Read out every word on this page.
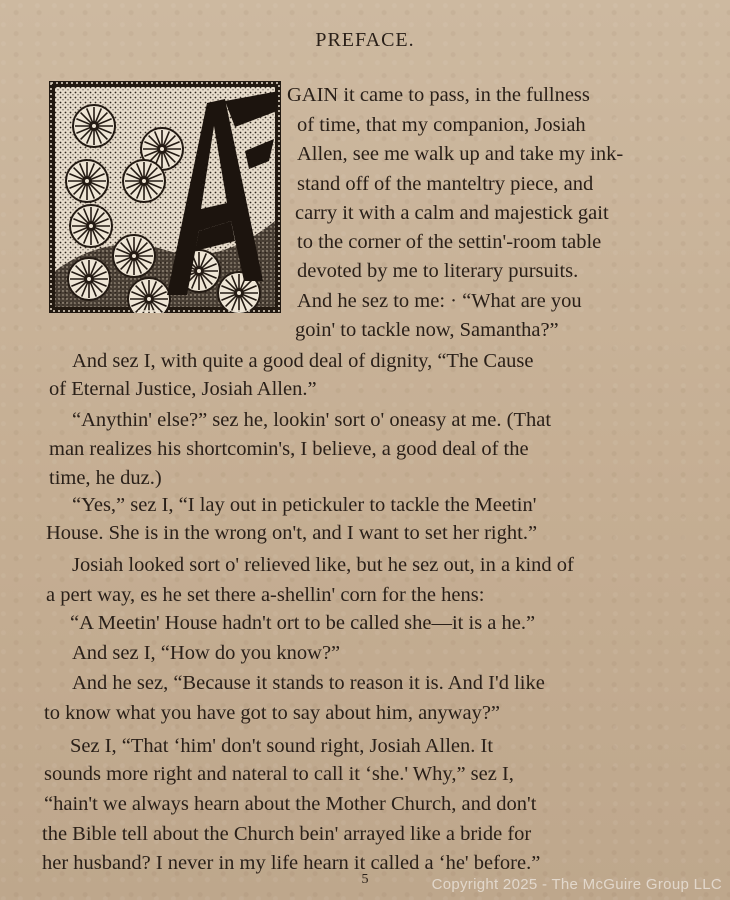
PREFACE.
GAIN it came to pass, in the fullness
of time, that my companion, Josiah
Allen, see me walk up and take my ink-
stand off of the manteltry piece, and
carry it with a calm and majestick gait
to the corner of the settin'-room table
devoted by me to literary pursuits.
And he sez to me: · “What are you
goin' to tackle now, Samantha?”
And sez I, with quite a good deal of dignity, “The Cause
of Eternal Justice, Josiah Allen.”
“Anythin' else?” sez he, lookin' sort o' oneasy at me. (That
man realizes his shortcomin's, I believe, a good deal of the
time, he duz.)
“Yes,” sez I, “I lay out in petickuler to tackle the Meetin'
House. She is in the wrong on't, and I want to set her right.”
Josiah looked sort o' relieved like, but he sez out, in a kind of
a pert way, es he set there a-shellin' corn for the hens:
“A Meetin' House hadn't ort to be called she—it is a he.”
And sez I, “How do you know?”
And he sez, “Because it stands to reason it is. And I'd like
to know what you have got to say about him, anyway?”
Sez I, “That ‘him' don't sound right, Josiah Allen. It
sounds more right and nateral to call it ‘she.' Why,” sez I,
“hain't we always hearn about the Mother Church, and don't
the Bible tell about the Church bein' arrayed like a bride for
her husband? I never in my life hearn it called a ‘he' before.”
5	Copyright 2025 - The McGuire Group LLC
